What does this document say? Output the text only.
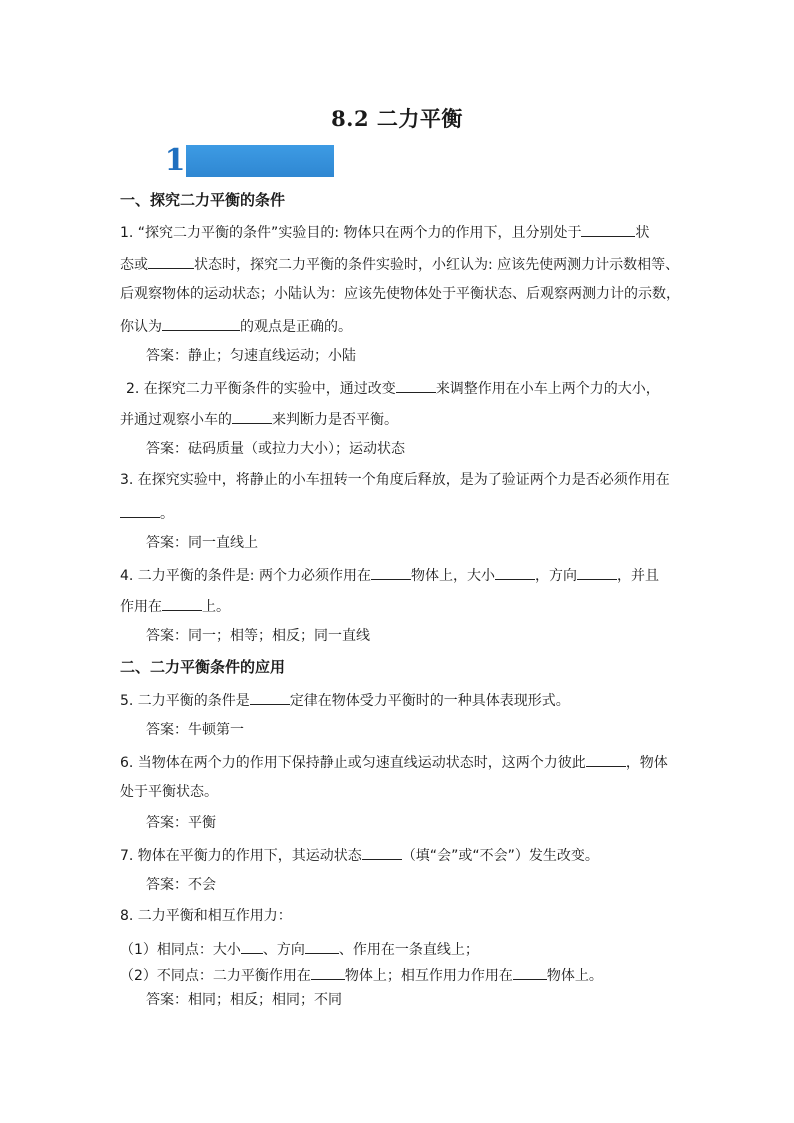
8.2 二力平衡
1
一、探究二力平衡的条件
1. “探究二力平衡的条件”实验目的: 物体只在两个力的作用下，且分别处于	状
态或	状态时，探究二力平衡的条件实验时，小红认为: 应该先使两测力计示数相等、
后观察物体的运动状态；小陆认为：应该先使物体处于平衡状态、后观察两测力计的示数，
你认为	的观点是正确的。
答案：静止；匀速直线运动；小陆
2. 在探究二力平衡条件的实验中，通过改变	来调整作用在小车上两个力的大小，
并通过观察小车的	来判断力是否平衡。
答案：砝码质量（或拉力大小）；运动状态
3. 在探究实验中，将静止的小车扭转一个角度后释放，是为了验证两个力是否必须作用在
。
答案：同一直线上
4. 二力平衡的条件是: 两个力必须作用在	物体上，大小	，方向	，并且
作用在	上。
答案：同一；相等；相反；同一直线
二、二力平衡条件的应用
5. 二力平衡的条件是	定律在物体受力平衡时的一种具体表现形式。
答案：牛顿第一
6. 当物体在两个力的作用下保持静止或匀速直线运动状态时，这两个力彼此	，物体
处于平衡状态。
答案：平衡
7. 物体在平衡力的作用下，其运动状态	（填“会”或“不会”）发生改变。
答案：不会
8. 二力平衡和相互作用力：
（1）相同点：大小 、方向 、作用在一条直线上；
（2）不同点：二力平衡作用在 物体上；相互作用力作用在 物体上。
答案：相同；相反；相同；不同
